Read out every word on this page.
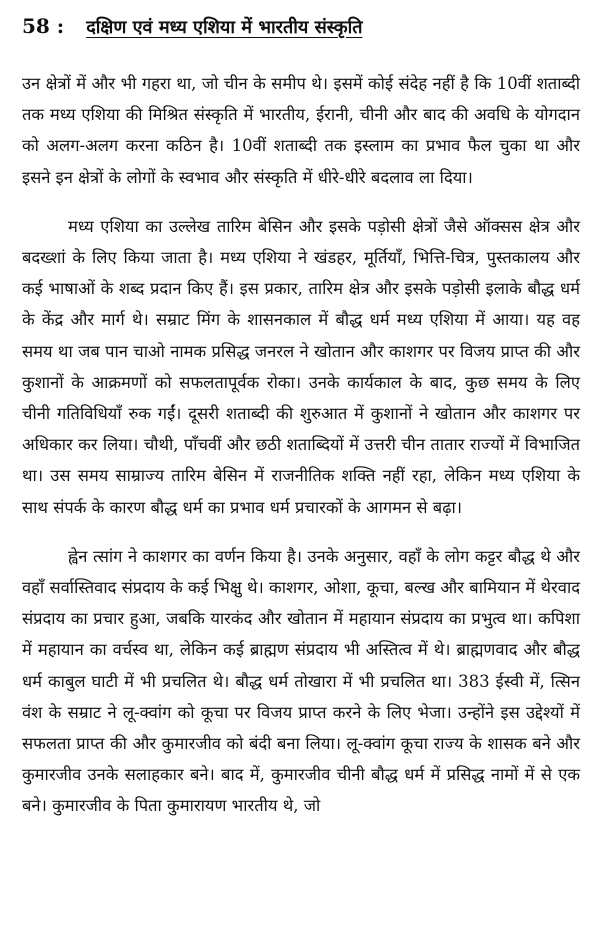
58 : दक्षिण एवं मध्य एशिया में भारतीय संस्कृति

उन क्षेत्रों में और भी गहरा था, जो चीन के समीप थे। इसमें कोई संदेह नहीं है कि 10वीं शताब्दी तक मध्य एशिया की मिश्रित संस्कृति में भारतीय, ईरानी, चीनी और बाद की अवधि के योगदान को अलग-अलग करना कठिन है। 10वीं शताब्दी तक इस्लाम का प्रभाव फैल चुका था और इसने इन क्षेत्रों के लोगों के स्वभाव और संस्कृति में धीरे-धीरे बदलाव ला दिया।

मध्य एशिया का उल्लेख तारिम बेसिन और इसके पड़ोसी क्षेत्रों जैसे ऑक्सस क्षेत्र और बदख्शां के लिए किया जाता है। मध्य एशिया ने खंडहर, मूर्तियाँ, भित्ति-चित्र, पुस्तकालय और कई भाषाओं के शब्द प्रदान किए हैं। इस प्रकार, तारिम क्षेत्र और इसके पड़ोसी इलाके बौद्ध धर्म के केंद्र और मार्ग थे। सम्राट मिंग के शासनकाल में बौद्ध धर्म मध्य एशिया में आया। यह वह समय था जब पान चाओ नामक प्रसिद्ध जनरल ने खोतान और काशगर पर विजय प्राप्त की और कुशानों के आक्रमणों को सफलतापूर्वक रोका। उनके कार्यकाल के बाद, कुछ समय के लिए चीनी गतिविधियाँ रुक गईं। दूसरी शताब्दी की शुरुआत में कुशानों ने खोतान और काशगर पर अधिकार कर लिया। चौथी, पाँचवीं और छठी शताब्दियों में उत्तरी चीन तातार राज्यों में विभाजित था। उस समय साम्राज्य तारिम बेसिन में राजनीतिक शक्ति नहीं रहा, लेकिन मध्य एशिया के साथ संपर्क के कारण बौद्ध धर्म का प्रभाव धर्म प्रचारकों के आगमन से बढ़ा।

ह्वेन त्सांग ने काशगर का वर्णन किया है। उनके अनुसार, वहाँ के लोग कट्टर बौद्ध थे और वहाँ सर्वास्तिवाद संप्रदाय के कई भिक्षु थे। काशगर, ओशा, कूचा, बल्ख और बामियान में थेरवाद संप्रदाय का प्रचार हुआ, जबकि यारकंद और खोतान में महायान संप्रदाय का प्रभुत्व था। कपिशा में महायान का वर्चस्व था, लेकिन कई ब्राह्मण संप्रदाय भी अस्तित्व में थे। ब्राह्मणवाद और बौद्ध धर्म काबुल घाटी में भी प्रचलित थे। बौद्ध धर्म तोखारा में भी प्रचलित था। 383 ईस्वी में, त्सिन वंश के सम्राट ने लू-क्वांग को कूचा पर विजय प्राप्त करने के लिए भेजा। उन्होंने इस उद्देश्यों में सफलता प्राप्त की और कुमारजीव को बंदी बना लिया। लू-क्वांग कूचा राज्य के शासक बने और कुमारजीव उनके सलाहकार बने। बाद में, कुमारजीव चीनी बौद्ध धर्म में प्रसिद्ध नामों में से एक बने। कुमारजीव के पिता कुमारायण भारतीय थे, जो
